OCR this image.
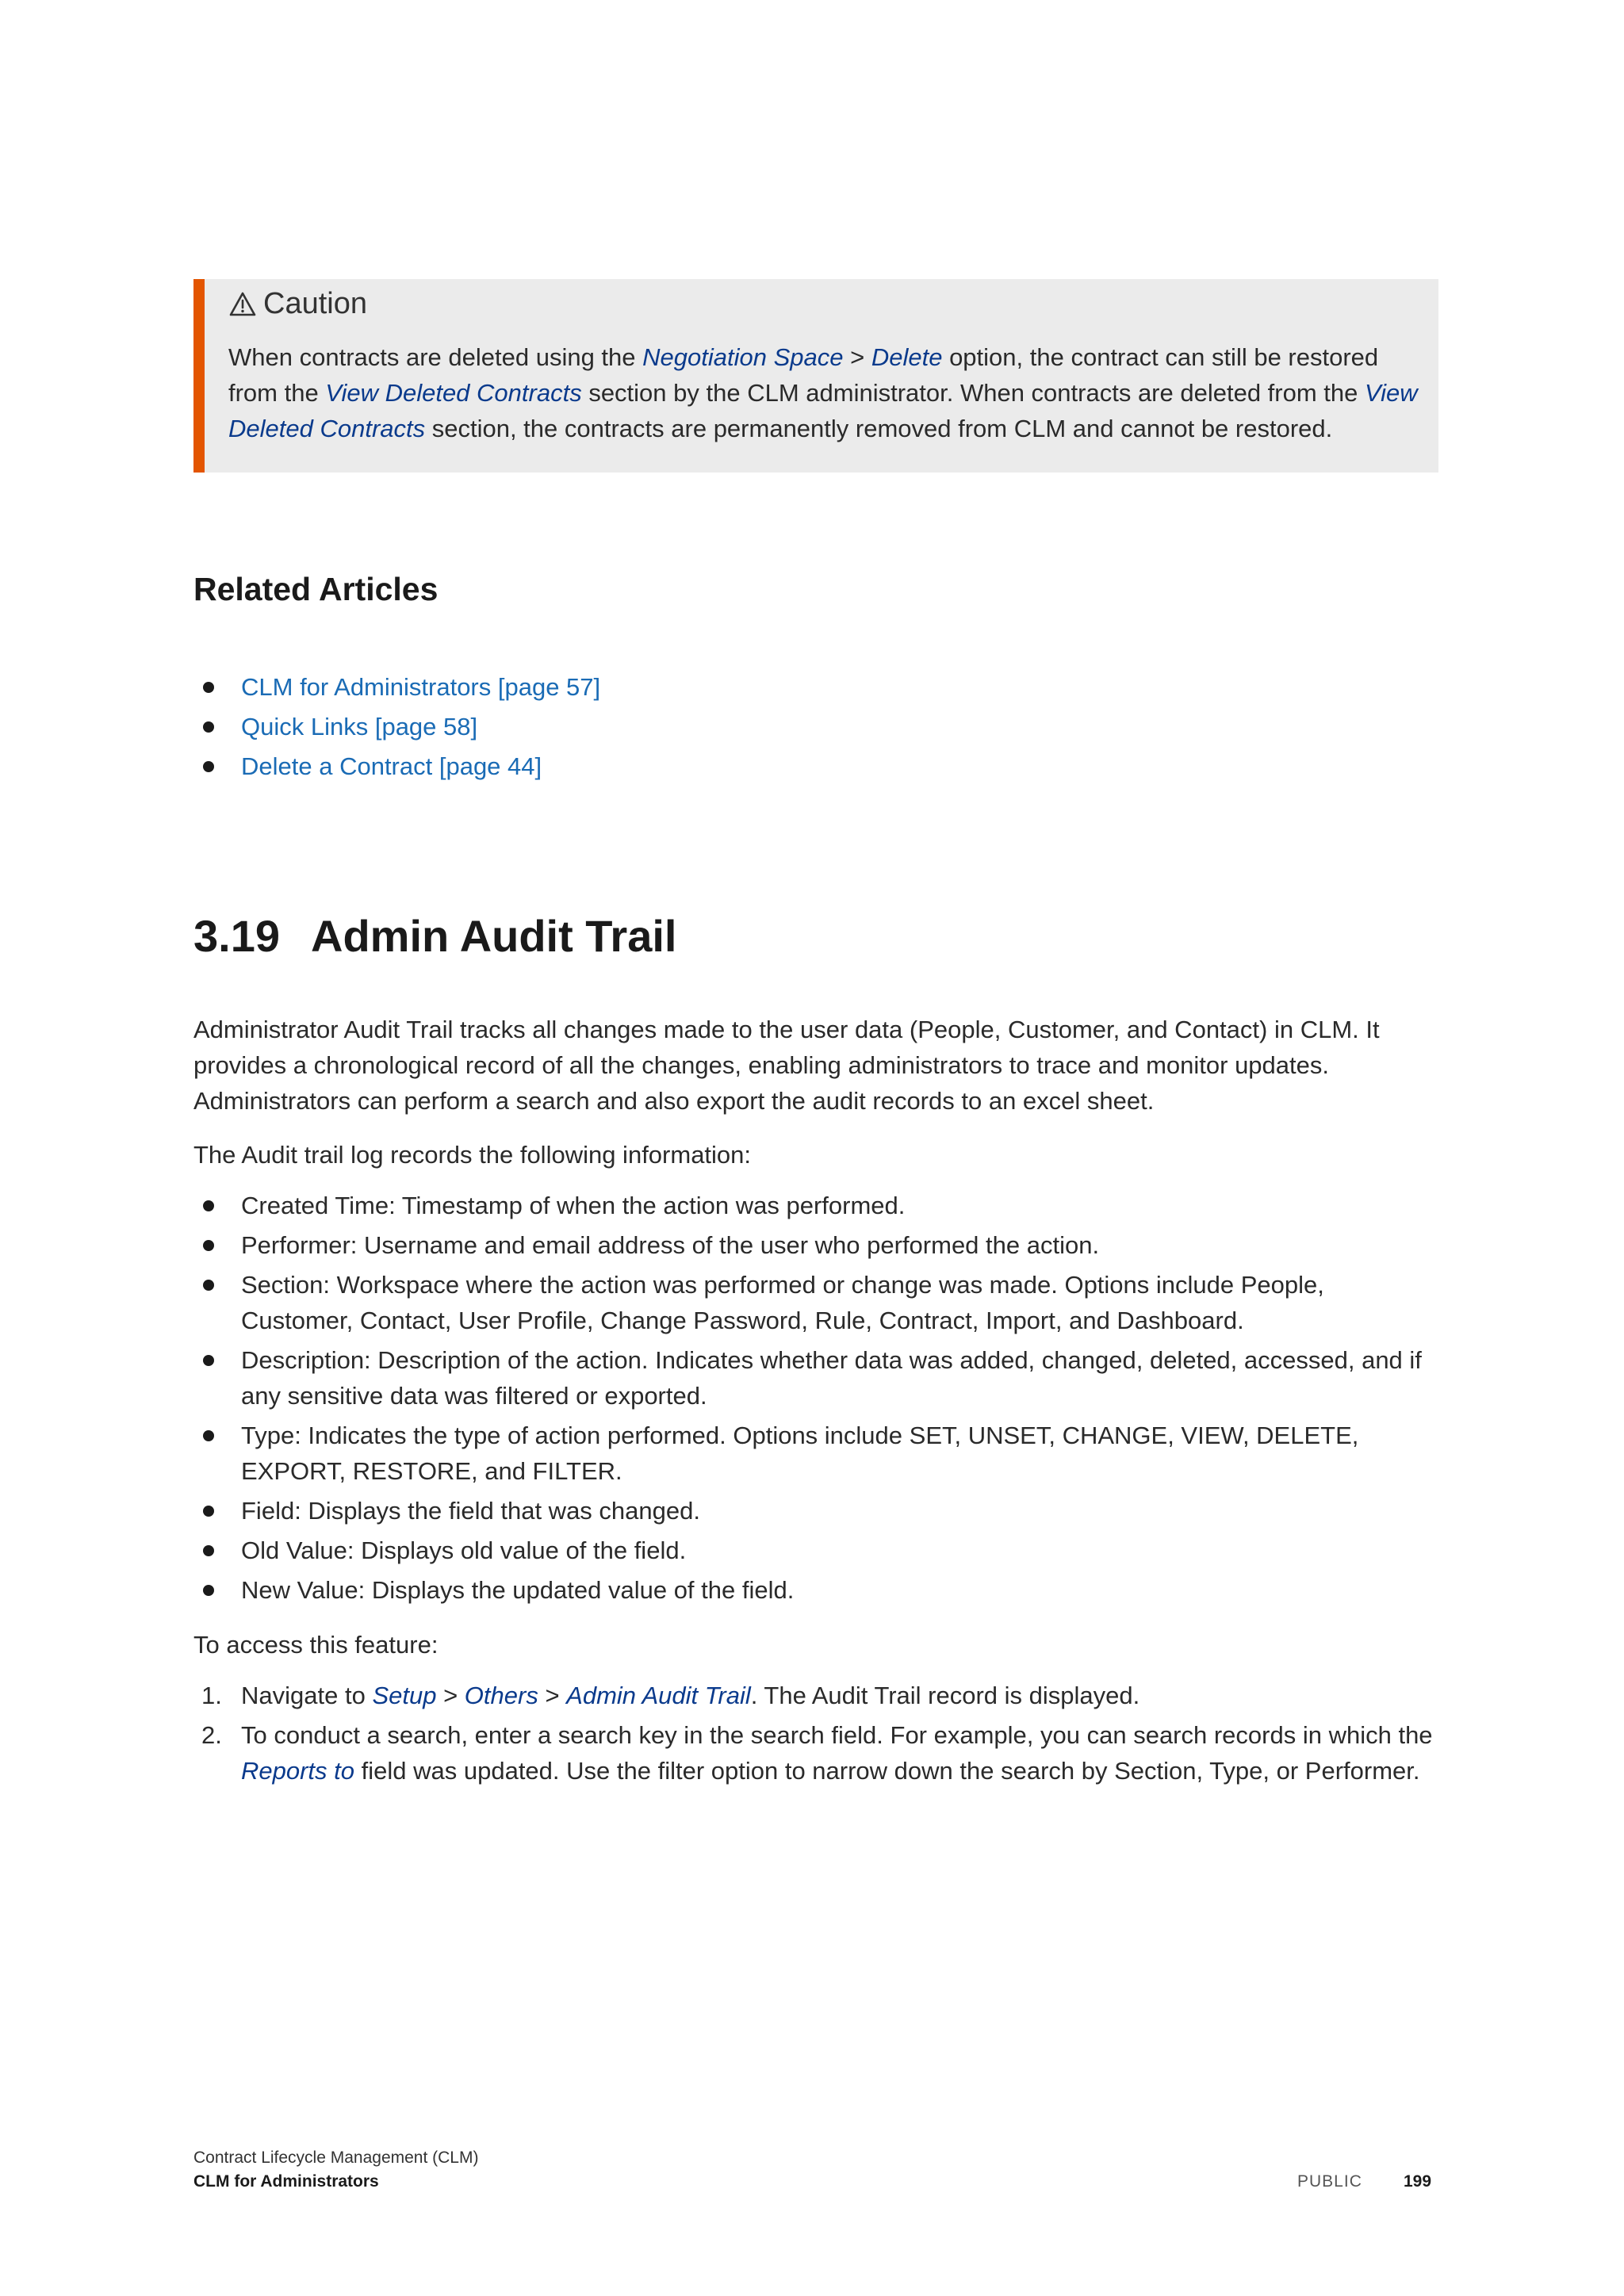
Caution
When contracts are deleted using the Negotiation Space > Delete option, the contract can still be restored from the View Deleted Contracts section by the CLM administrator. When contracts are deleted from the View Deleted Contracts section, the contracts are permanently removed from CLM and cannot be restored.
Related Articles
CLM for Administrators [page 57]
Quick Links [page 58]
Delete a Contract [page 44]
3.19 Admin Audit Trail

Administrator Audit Trail tracks all changes made to the user data (People, Customer, and Contact) in CLM. It provides a chronological record of all the changes, enabling administrators to trace and monitor updates. Administrators can perform a search and also export the audit records to an excel sheet.

The Audit trail log records the following information:

Created Time: Timestamp of when the action was performed.
Performer: Username and email address of the user who performed the action.
Section: Workspace where the action was performed or change was made. Options include People, Customer, Contact, User Profile, Change Password, Rule, Contract, Import, and Dashboard.
Description: Description of the action. Indicates whether data was added, changed, deleted, accessed, and if any sensitive data was filtered or exported.
Type: Indicates the type of action performed. Options include SET, UNSET, CHANGE, VIEW, DELETE, EXPORT, RESTORE, and FILTER.
Field: Displays the field that was changed.
Old Value: Displays old value of the field.
New Value: Displays the updated value of the field.

To access this feature:

1. Navigate to Setup > Others > Admin Audit Trail. The Audit Trail record is displayed.
2. To conduct a search, enter a search key in the search field. For example, you can search records in which the Reports to field was updated. Use the filter option to narrow down the search by Section, Type, or Performer.
Contract Lifecycle Management (CLM)
CLM for Administrators	PUBLIC 199
